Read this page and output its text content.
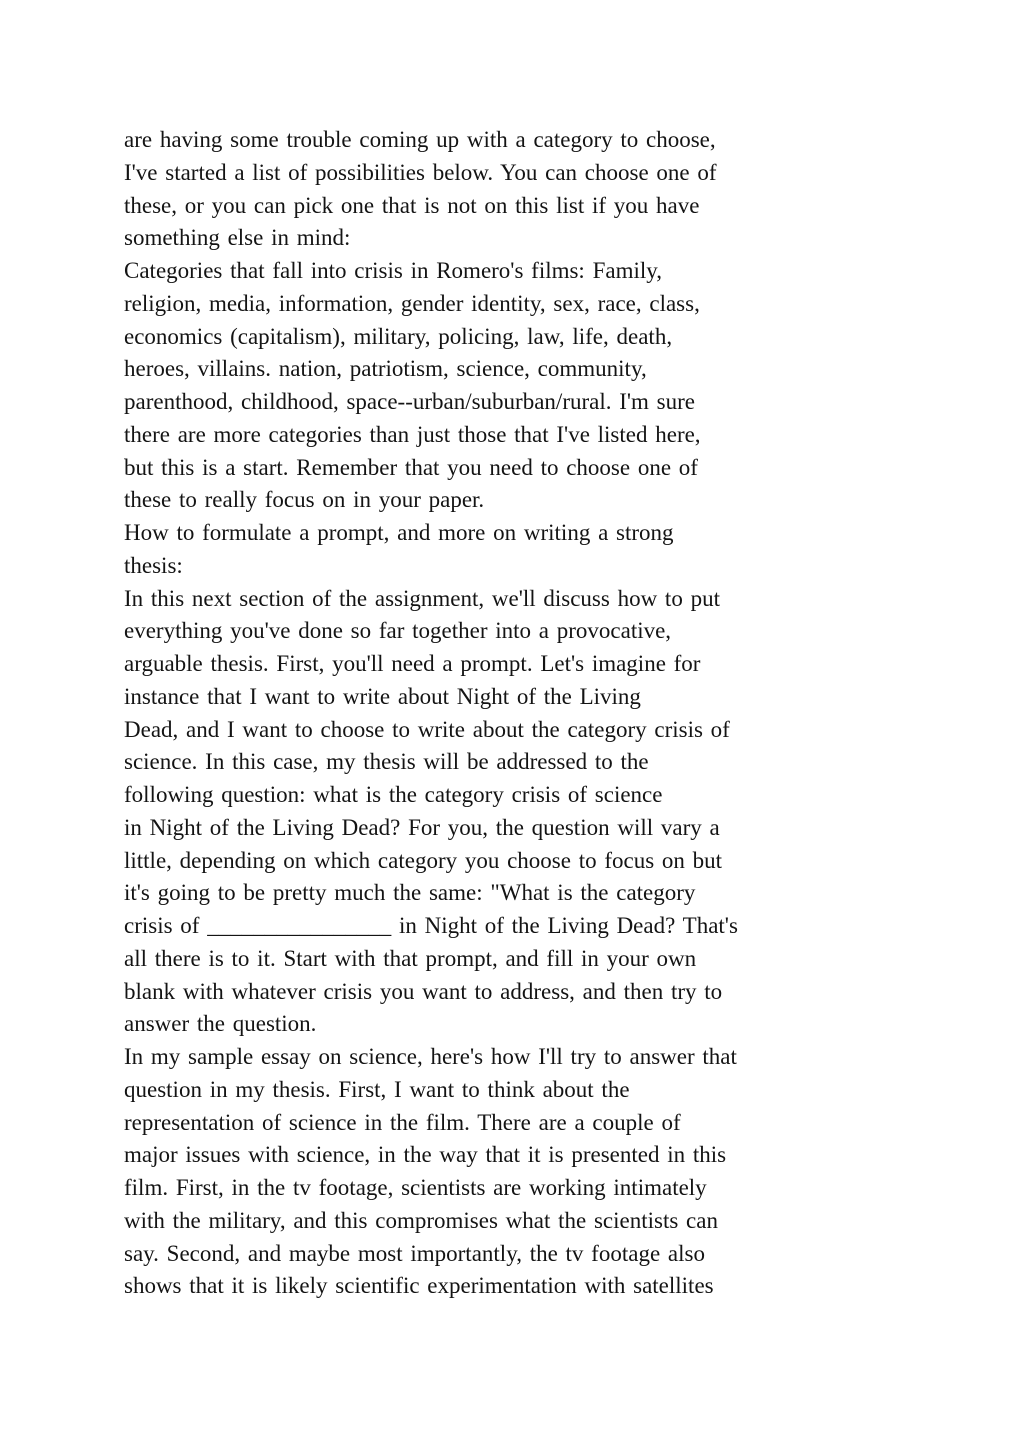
are having some trouble coming up with a category to choose,
I've started a list of possibilities below. You can choose one of
these, or you can pick one that is not on this list if you have
something else in mind:
Categories that fall into crisis in Romero's films: Family,
religion, media, information, gender identity, sex, race, class,
economics (capitalism), military, policing, law, life, death,
heroes, villains. nation, patriotism, science, community,
parenthood, childhood, space--urban/suburban/rural. I'm sure
there are more categories than just those that I've listed here,
but this is a start. Remember that you need to choose one of
these to really focus on in your paper.
How to formulate a prompt, and more on writing a strong
thesis:
In this next section of the assignment, we'll discuss how to put
everything you've done so far together into a provocative,
arguable thesis. First, you'll need a prompt. Let's imagine for
instance that I want to write about Night of the Living
Dead, and I want to choose to write about the category crisis of
science. In this case, my thesis will be addressed to the
following question: what is the category crisis of science
in Night of the Living Dead? For you, the question will vary a
little, depending on which category you choose to focus on but
it's going to be pretty much the same: "What is the category
crisis of ________________ in Night of the Living Dead? That's
all there is to it. Start with that prompt, and fill in your own
blank with whatever crisis you want to address, and then try to
answer the question.
In my sample essay on science, here's how I'll try to answer that
question in my thesis. First, I want to think about the
representation of science in the film. There are a couple of
major issues with science, in the way that it is presented in this
film. First, in the tv footage, scientists are working intimately
with the military, and this compromises what the scientists can
say. Second, and maybe most importantly, the tv footage also
shows that it is likely scientific experimentation with satellites
